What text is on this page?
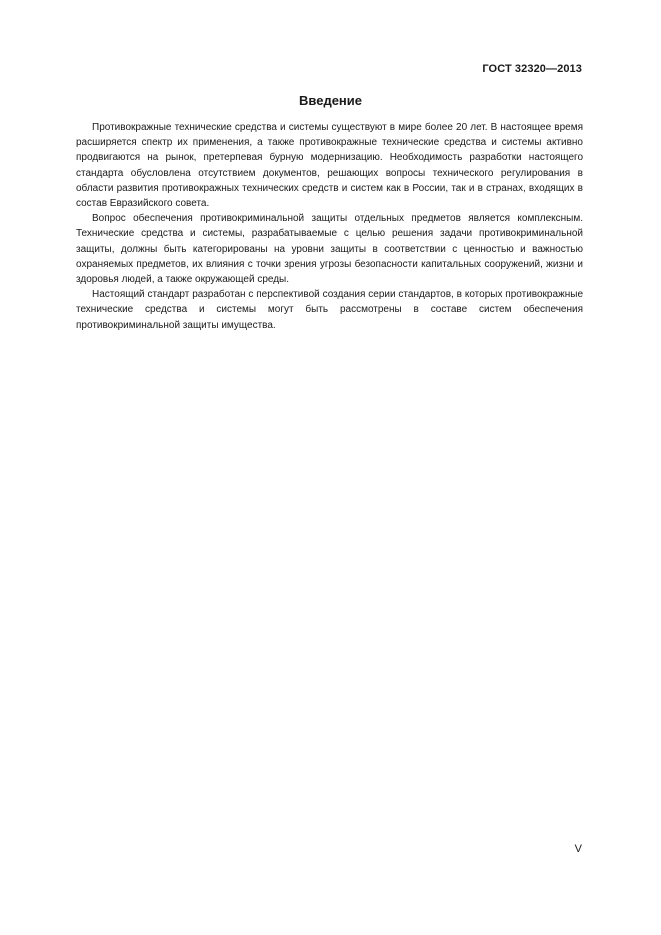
ГОСТ 32320—2013
Введение

Противокражные технические средства и системы существуют в мире более 20 лет. В настоящее время расширяется спектр их применения, а также противокражные технические средства и системы активно продвигаются на рынок, претерпевая бурную модернизацию. Необходимость разработки настоящего стандарта обусловлена отсутствием документов, решающих вопросы технического регулирования в области развития противокражных технических средств и систем как в России, так и в странах, входящих в состав Евразийского совета.

Вопрос обеспечения противокриминальной защиты отдельных предметов является комплексным. Технические средства и системы, разрабатываемые с целью решения задачи противокриминальной защиты, должны быть категорированы на уровни защиты в соответствии с ценностью и важностью охраняемых предметов, их влияния с точки зрения угрозы безопасности капитальных сооружений, жизни и здоровья людей, а также окружающей среды.

Настоящий стандарт разработан с перспективой создания серии стандартов, в которых противокражные технические средства и системы могут быть рассмотрены в составе систем обеспечения противокриминальной защиты имущества.

V
